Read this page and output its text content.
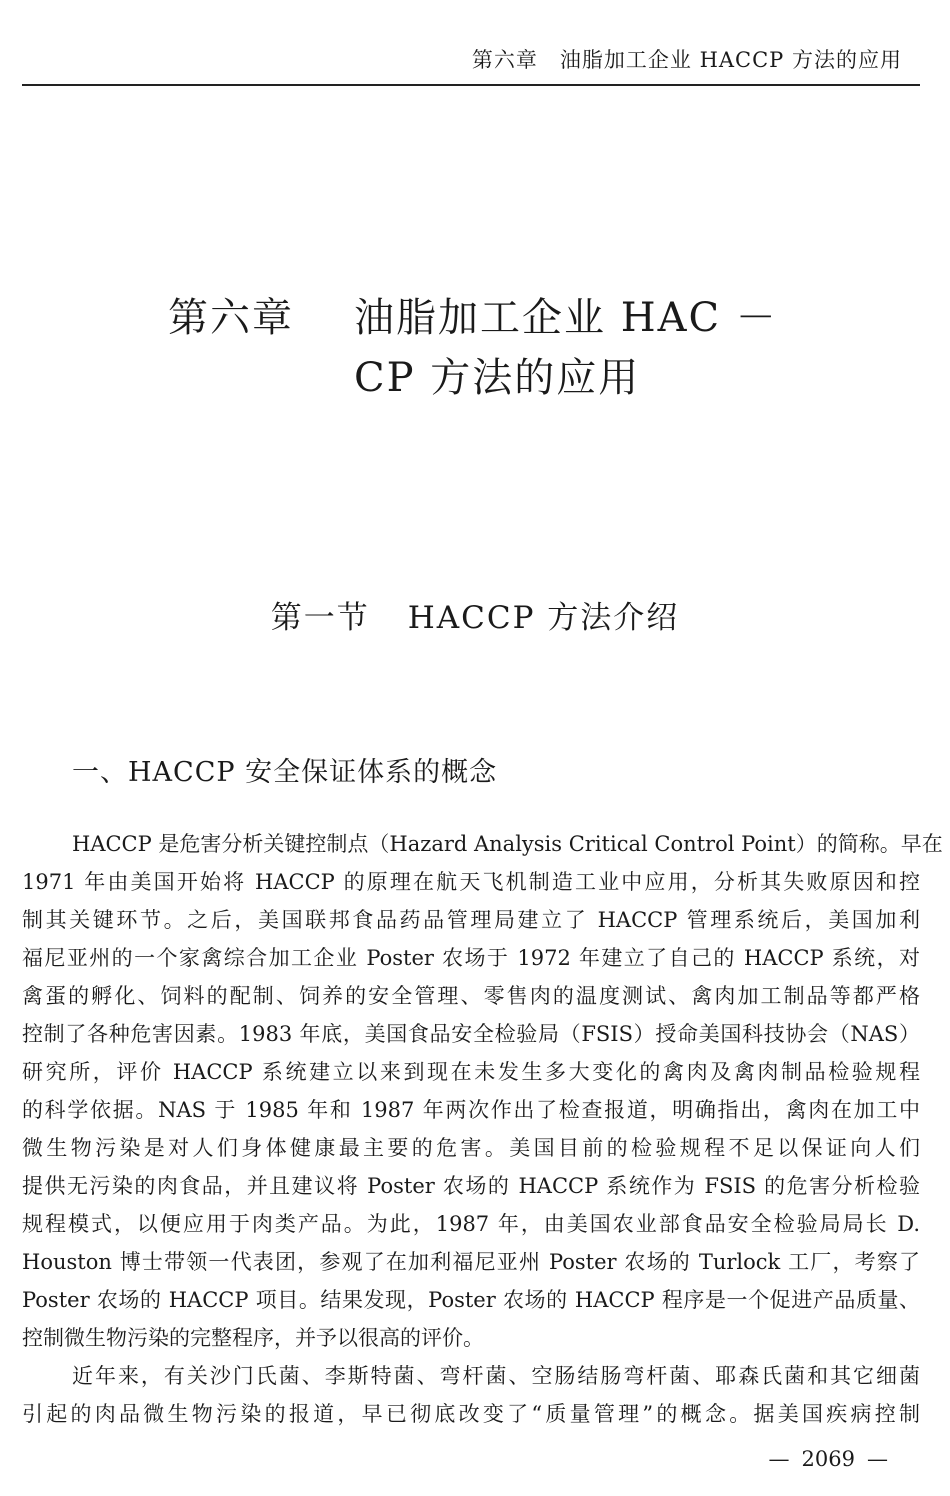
第六章　油脂加工企业 HACCP 方法的应用
第六章 油脂加工企业 HAC －
CP 方法的应用
第一节 HACCP 方法介绍
一、HACCP 安全保证体系的概念
HACCP 是危害分析关键控制点（Hazard Analysis Critical Control Point）的简称。早在
1971 年由美国开始将 HACCP 的原理在航天飞机制造工业中应用，分析其失败原因和控
制其关键环节。之后，美国联邦食品药品管理局建立了 HACCP 管理系统后，美国加利
福尼亚州的一个家禽综合加工企业 Poster 农场于 1972 年建立了自己的 HACCP 系统，对
禽蛋的孵化、饲料的配制、饲养的安全管理、零售肉的温度测试、禽肉加工制品等都严格
控制了各种危害因素。1983 年底，美国食品安全检验局（FSIS）授命美国科技协会（NAS）
研究所，评价 HACCP 系统建立以来到现在未发生多大变化的禽肉及禽肉制品检验规程
的科学依据。NAS 于 1985 年和 1987 年两次作出了检查报道，明确指出，禽肉在加工中
微生物污染是对人们身体健康最主要的危害。美国目前的检验规程不足以保证向人们
提供无污染的肉食品，并且建议将 Poster 农场的 HACCP 系统作为 FSIS 的危害分析检验
规程模式，以便应用于肉类产品。为此，1987 年，由美国农业部食品安全检验局局长 D.
Houston 博士带领一代表团，参观了在加利福尼亚州 Poster 农场的 Turlock 工厂，考察了
Poster 农场的 HACCP 项目。结果发现，Poster 农场的 HACCP 程序是一个促进产品质量、
控制微生物污染的完整程序，并予以很高的评价。
近年来，有关沙门氏菌、李斯特菌、弯杆菌、空肠结肠弯杆菌、耶森氏菌和其它细菌
引起的肉品微生物污染的报道，早已彻底改变了“质量管理”的概念。据美国疾病控制
— 2069 —
